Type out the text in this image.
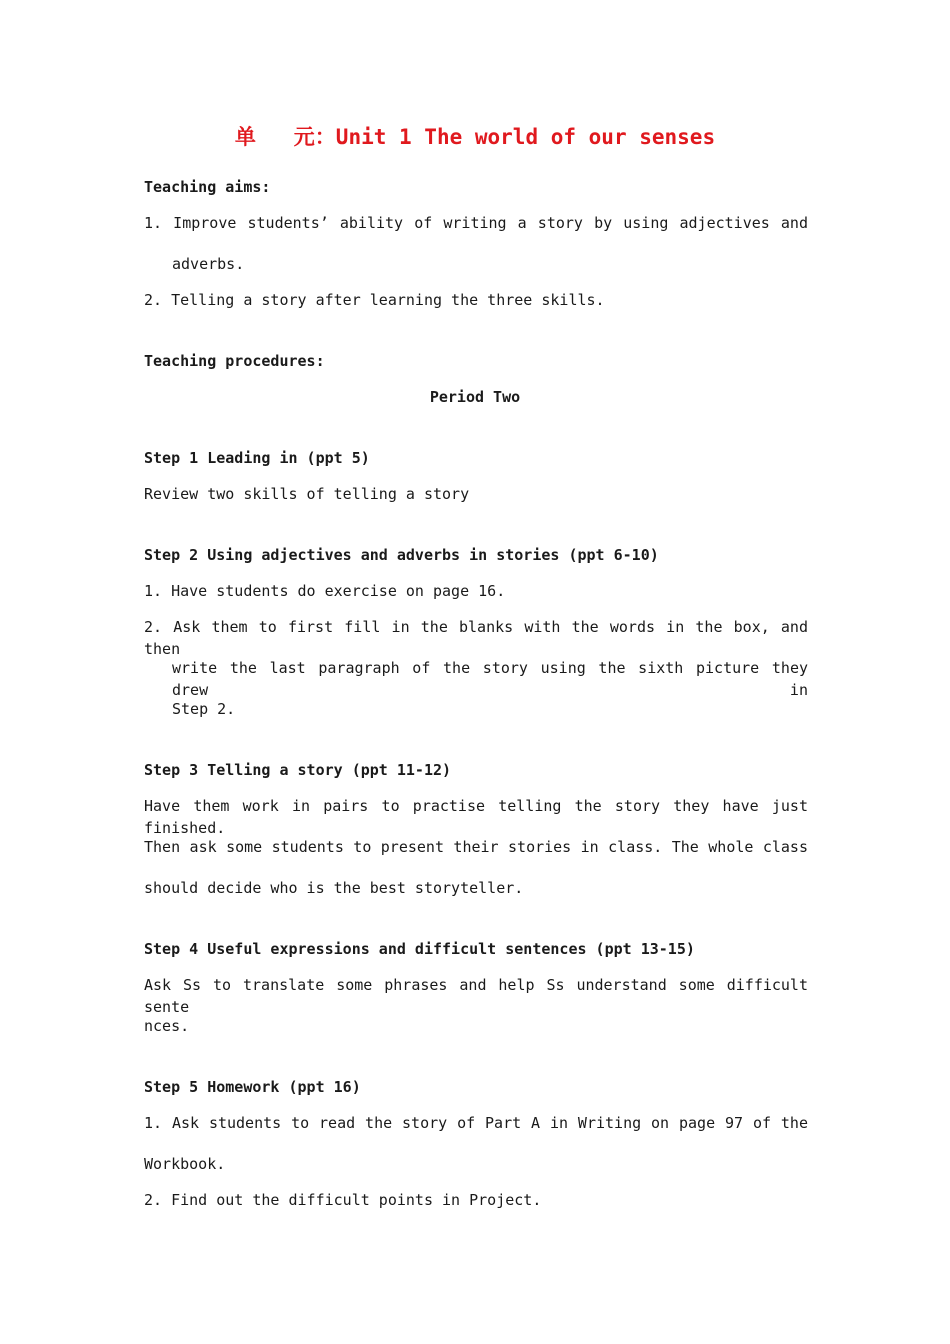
单   元：Unit 1 The world of our senses
Teaching aims:
1. Improve students’ ability of writing a story by using adjectives and
adverbs.
2. Telling a story after learning the three skills.
Teaching procedures:
Period Two
Step 1 Leading in (ppt 5)
Review two skills of telling a story
Step 2 Using adjectives and adverbs in stories (ppt 6-10)
1. Have students do exercise on page 16.
2. Ask them to first fill in the blanks with the words in the box, and then
write the last paragraph of the story using the sixth picture they drew in
Step 2.
Step 3 Telling a story (ppt 11-12)
Have them work in pairs to practise telling the story they have just finished.
Then ask some students to present their stories in class. The whole class
should decide who is the best storyteller.
Step 4 Useful expressions and difficult sentences (ppt 13-15)
Ask Ss to translate some phrases and help Ss understand some difficult sente
nces.
Step 5 Homework (ppt 16)
1. Ask students to read the story of Part A in Writing on page 97 of the
Workbook.
2. Find out the difficult points in Project.
